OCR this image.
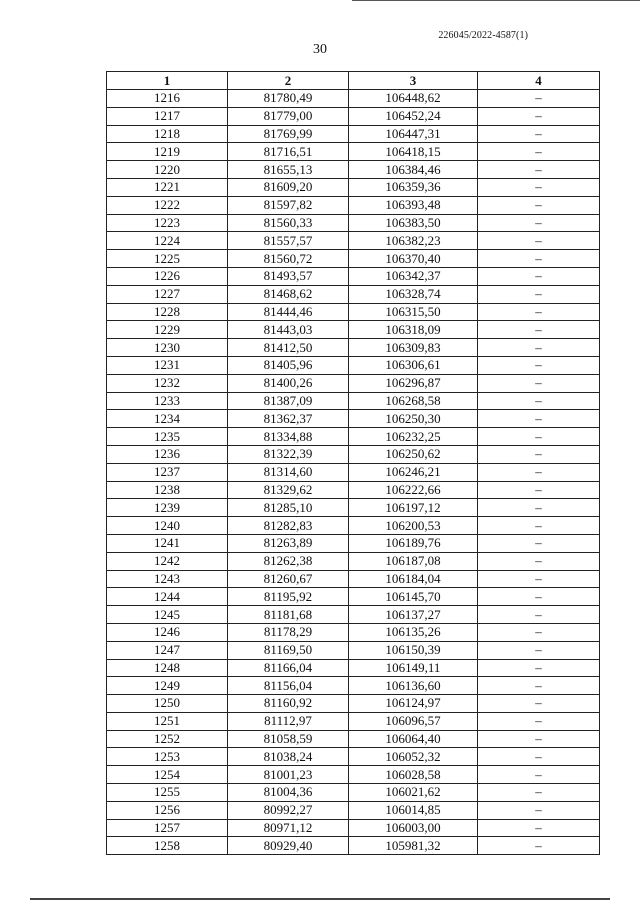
226045/2022-4587(1)
30
1	2	3	4
1216	81780,49	106448,62	–
1217	81779,00	106452,24	–
1218	81769,99	106447,31	–
1219	81716,51	106418,15	–
1220	81655,13	106384,46	–
1221	81609,20	106359,36	–
1222	81597,82	106393,48	–
1223	81560,33	106383,50	–
1224	81557,57	106382,23	–
1225	81560,72	106370,40	–
1226	81493,57	106342,37	–
1227	81468,62	106328,74	–
1228	81444,46	106315,50	–
1229	81443,03	106318,09	–
1230	81412,50	106309,83	–
1231	81405,96	106306,61	–
1232	81400,26	106296,87	–
1233	81387,09	106268,58	–
1234	81362,37	106250,30	–
1235	81334,88	106232,25	–
1236	81322,39	106250,62	–
1237	81314,60	106246,21	–
1238	81329,62	106222,66	–
1239	81285,10	106197,12	–
1240	81282,83	106200,53	–
1241	81263,89	106189,76	–
1242	81262,38	106187,08	–
1243	81260,67	106184,04	–
1244	81195,92	106145,70	–
1245	81181,68	106137,27	–
1246	81178,29	106135,26	–
1247	81169,50	106150,39	–
1248	81166,04	106149,11	–
1249	81156,04	106136,60	–
1250	81160,92	106124,97	–
1251	81112,97	106096,57	–
1252	81058,59	106064,40	–
1253	81038,24	106052,32	–
1254	81001,23	106028,58	–
1255	81004,36	106021,62	–
1256	80992,27	106014,85	–
1257	80971,12	106003,00	–
1258	80929,40	105981,32	–
